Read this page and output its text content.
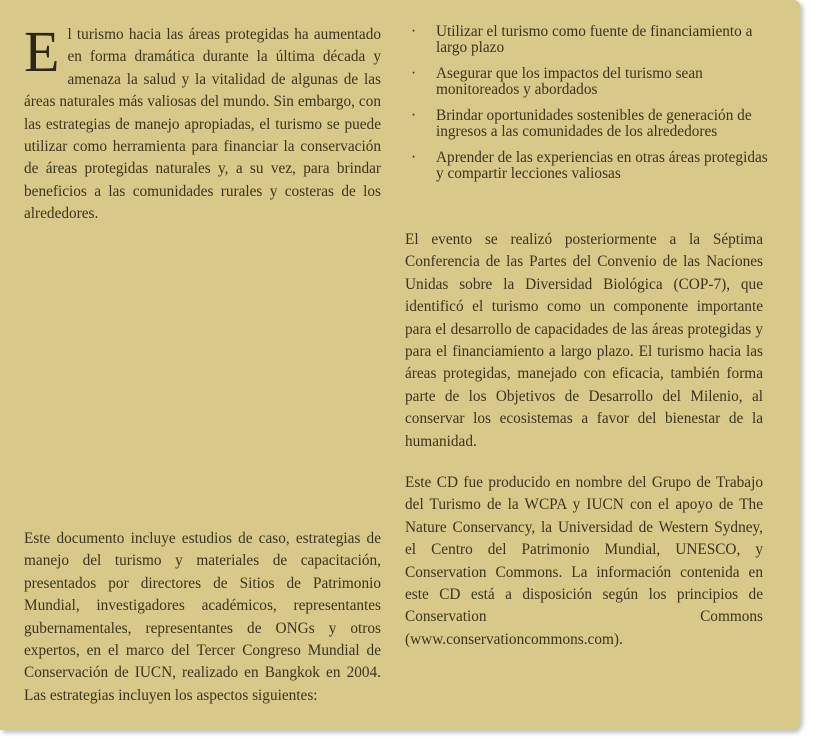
El turismo hacia las áreas protegidas ha aumentado en forma dramática durante la última década y amenaza la salud y la vitalidad de algunas de las áreas naturales más valiosas del mundo. Sin embargo, con las estrategias de manejo apropiadas, el turismo se puede utilizar como herramienta para financiar la conservación de áreas protegidas naturales y, a su vez, para brindar beneficios a las comunidades rurales y costeras de los alrededores.
Este documento incluye estudios de caso, estrategias de manejo del turismo y materiales de capacitación, presentados por directores de Sitios de Patrimonio Mundial, investigadores académicos, representantes gubernamentales, representantes de ONGs y otros expertos, en el marco del Tercer Congreso Mundial de Conservación de IUCN, realizado en Bangkok en 2004. Las estrategias incluyen los aspectos siguientes:
· Utilizar el turismo como fuente de financiamiento a largo plazo
· Asegurar que los impactos del turismo sean monitoreados y abordados
· Brindar oportunidades sostenibles de generación de ingresos a las comunidades de los alrededores
· Aprender de las experiencias en otras áreas protegidas y compartir lecciones valiosas
El evento se realizó posteriormente a la Séptima Conferencia de las Partes del Convenio de las Naciones Unidas sobre la Diversidad Biológica (COP-7), que identificó el turismo como un componente importante para el desarrollo de capacidades de las áreas protegidas y para el financiamiento a largo plazo. El turismo hacia las áreas protegidas, manejado con eficacia, también forma parte de los Objetivos de Desarrollo del Milenio, al conservar los ecosistemas a favor del bienestar de la humanidad.
Este CD fue producido en nombre del Grupo de Trabajo del Turismo de la WCPA y IUCN con el apoyo de The Nature Conservancy, la Universidad de Western Sydney, el Centro del Patrimonio Mundial, UNESCO, y Conservation Commons. La información contenida en este CD está a disposición según los principios de Conservation Commons (www.conservationcommons.com).
